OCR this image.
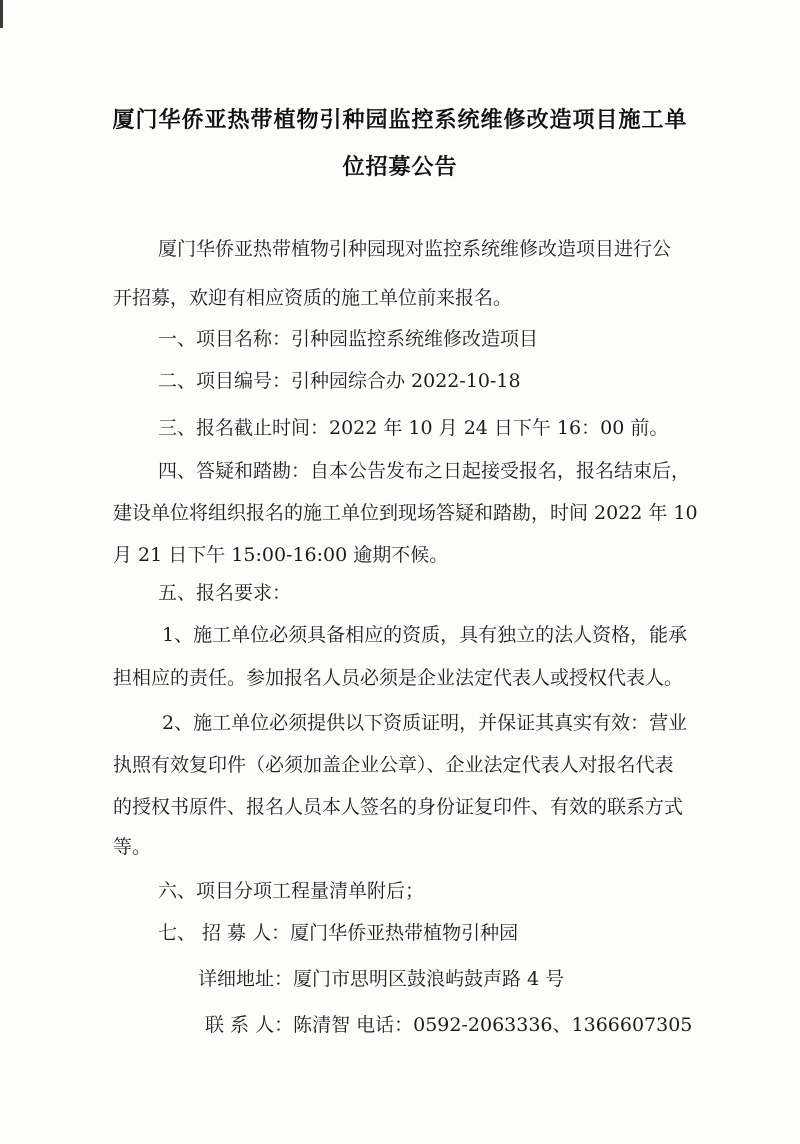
厦门华侨亚热带植物引种园监控系统维修改造项目施工单
位招募公告
厦门华侨亚热带植物引种园现对监控系统维修改造项目进行公
开招募，欢迎有相应资质的施工单位前来报名。
一、项目名称：引种园监控系统维修改造项目
二、项目编号：引种园综合办 2022-10-18
三、报名截止时间：2022 年 10 月 24 日下午 16：00 前。
四、答疑和踏勘：自本公告发布之日起接受报名，报名结束后，
建设单位将组织报名的施工单位到现场答疑和踏勘，时间 2022 年 10
月 21 日下午 15:00-16:00 逾期不候。
五、报名要求：
1、施工单位必须具备相应的资质，具有独立的法人资格，能承
担相应的责任。参加报名人员必须是企业法定代表人或授权代表人。
2、施工单位必须提供以下资质证明，并保证其真实有效：营业
执照有效复印件（必须加盖企业公章）、企业法定代表人对报名代表
的授权书原件、报名人员本人签名的身份证复印件、有效的联系方式
等。
六、项目分项工程量清单附后；
七、 招 募 人：厦门华侨亚热带植物引种园
详细地址：厦门市思明区鼓浪屿鼓声路 4 号
联 系 人：陈清智 电话：0592-2063336、1366607305
